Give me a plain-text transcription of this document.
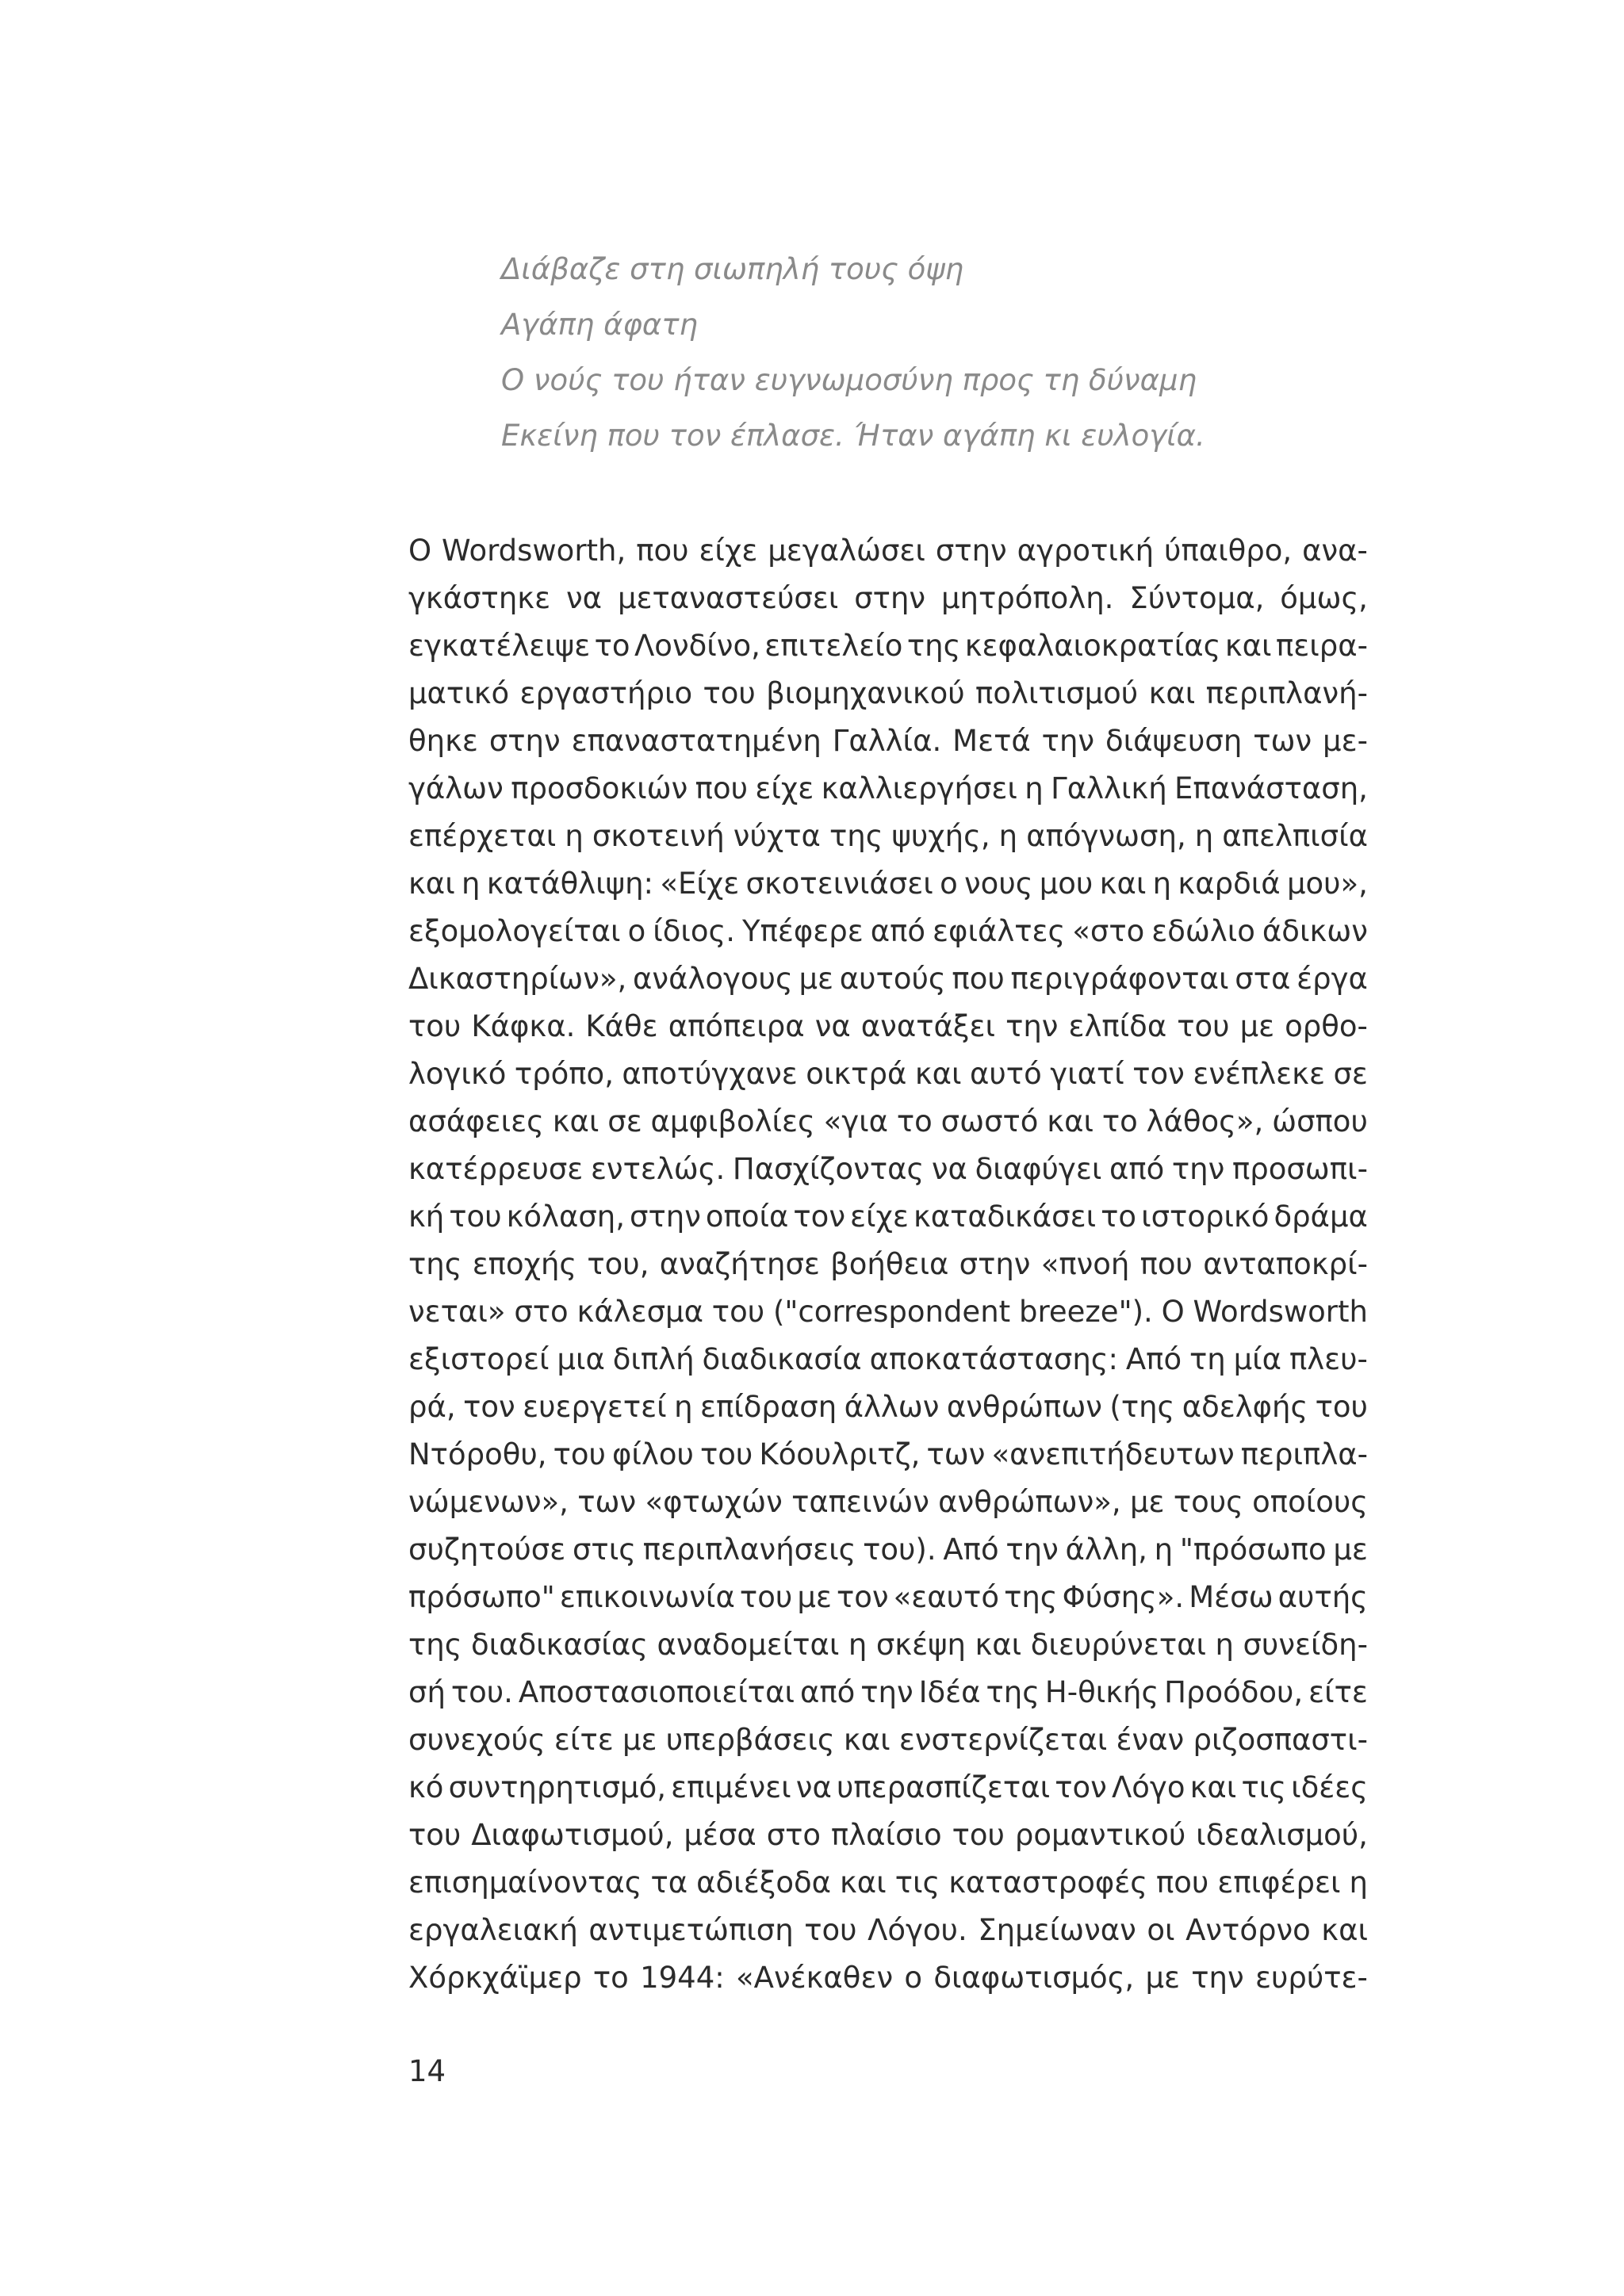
Διάβαζε στη σιωπηλή τους όψη
Αγάπη άφατη
Ο νούς του ήταν ευγνωμοσύνη προς τη δύναμη
Εκείνη που τον έπλασε. Ήταν αγάπη κι ευλογία.
Ο Wordsworth, που είχε μεγαλώσει στην αγροτική ύπαιθρο, ανα-
γκάστηκε να μεταναστεύσει στην μητρόπολη. Σύντομα, όμως,
εγκατέλειψε το Λονδίνο, επιτελείο της κεφαλαιοκρατίας και πειρα-
ματικό εργαστήριο του βιομηχανικού πολιτισμού και περιπλανή-
θηκε στην επαναστατημένη Γαλλία. Μετά την διάψευση των με-
γάλων προσδοκιών που είχε καλλιεργήσει η Γαλλική Επανάσταση,
επέρχεται η σκοτεινή νύχτα της ψυχής, η απόγνωση, η απελπισία
και η κατάθλιψη: «Είχε σκοτεινιάσει ο νους μου και η καρδιά μου»,
εξομολογείται ο ίδιος. Υπέφερε από εφιάλτες «στο εδώλιο άδικων
Δικαστηρίων», ανάλογους με αυτούς που περιγράφονται στα έργα
του Κάφκα. Κάθε απόπειρα να ανατάξει την ελπίδα του με ορθο-
λογικό τρόπο, αποτύγχανε οικτρά και αυτό γιατί τον ενέπλεκε σε
ασάφειες και σε αμφιβολίες «για το σωστό και το λάθος», ώσπου
κατέρρευσε εντελώς. Πασχίζοντας να διαφύγει από την προσωπι-
κή του κόλαση, στην οποία τον είχε καταδικάσει το ιστορικό δράμα
της εποχής του, αναζήτησε βοήθεια στην «πνοή που ανταποκρί-
νεται» στο κάλεσμα του ("correspondent breeze"). Ο Wordsworth
εξιστορεί μια διπλή διαδικασία αποκατάστασης: Από τη μία πλευ-
ρά, τον ευεργετεί η επίδραση άλλων ανθρώπων (της αδελφής του
Ντόροθυ, του φίλου του Κόουλριτζ, των «ανεπιτήδευτων περιπλα-
νώμενων», των «φτωχών ταπεινών ανθρώπων», με τους οποίους
συζητούσε στις περιπλανήσεις του). Από την άλλη, η "πρόσωπο με
πρόσωπο" επικοινωνία του με τον «εαυτό της Φύσης». Μέσω αυτής
της διαδικασίας αναδομείται η σκέψη και διευρύνεται η συνείδη-
σή του. Αποστασιοποιείται από την Ιδέα της Η-θικής Προόδου, είτε
συνεχούς είτε με υπερβάσεις και ενστερνίζεται έναν ριζοσπαστι-
κό συντηρητισμό, επιμένει να υπερασπίζεται τον Λόγο και τις ιδέες
του Διαφωτισμού, μέσα στο πλαίσιο του ρομαντικού ιδεαλισμού,
επισημαίνοντας τα αδιέξοδα και τις καταστροφές που επιφέρει η
εργαλειακή αντιμετώπιση του Λόγου. Σημείωναν οι Αντόρνο και
Χόρκχάϊμερ το 1944: «Ανέκαθεν ο διαφωτισμός, με την ευρύτε-
14
